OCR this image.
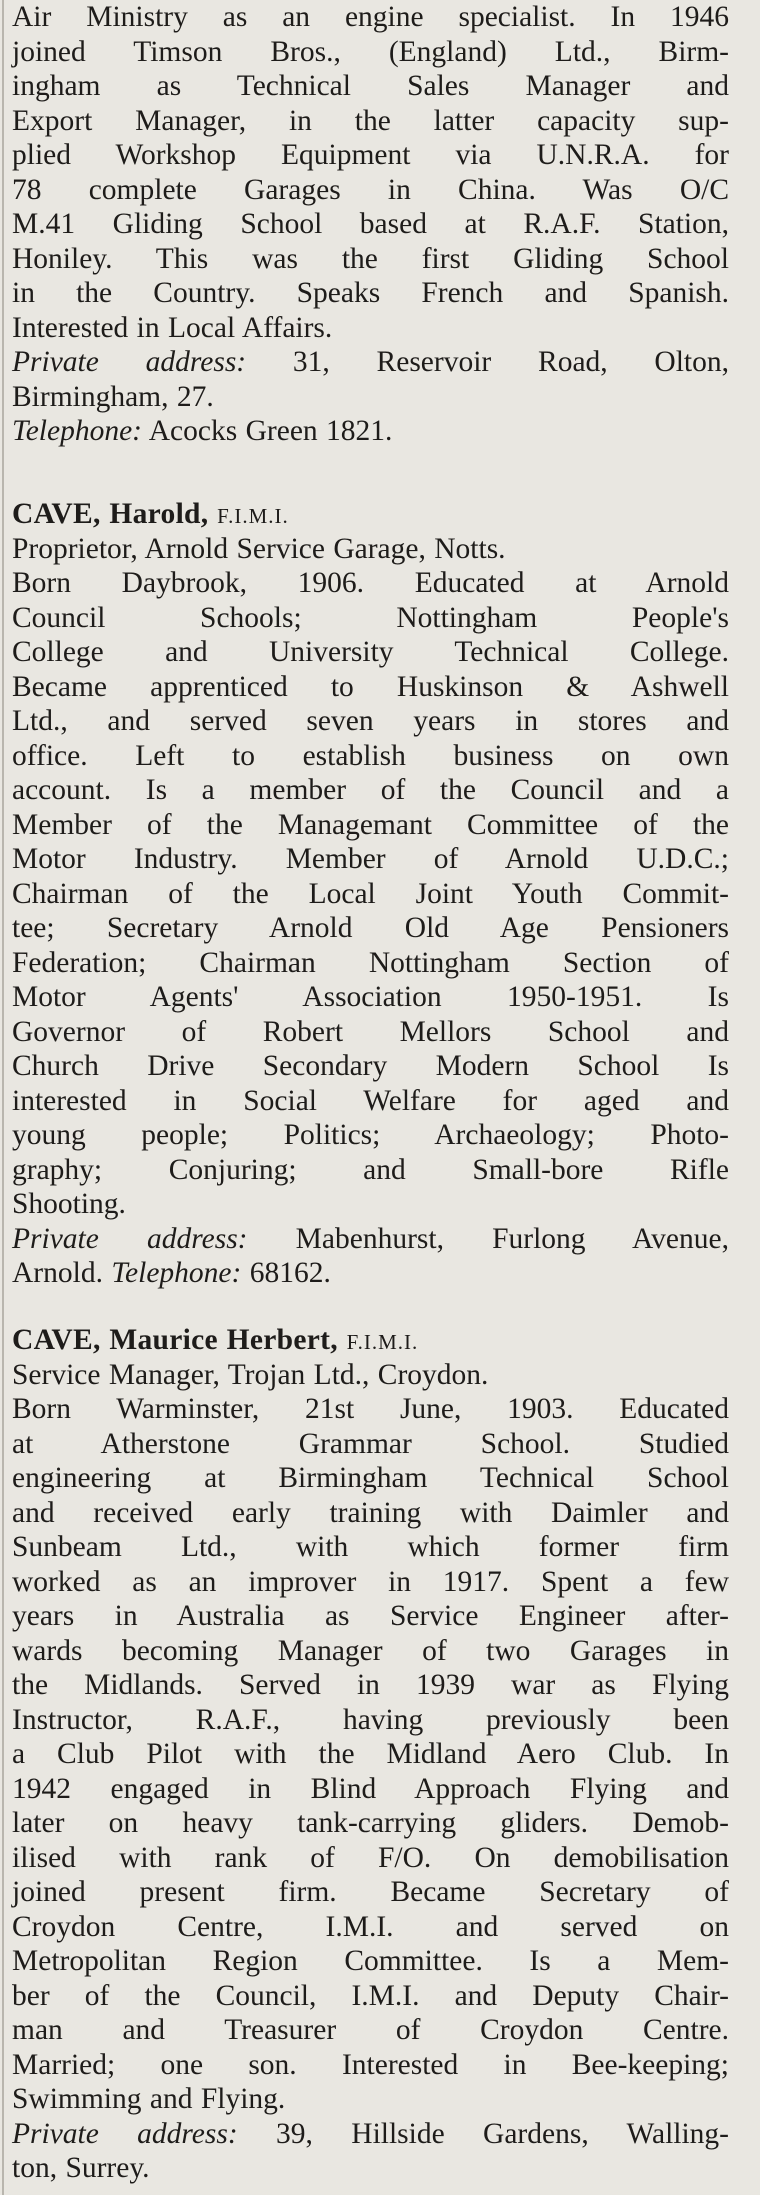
Air Ministry as an engine specialist. In 1946
joined Timson Bros., (England) Ltd., Birm-
ingham as Technical Sales Manager and
Export Manager, in the latter capacity sup-
plied Workshop Equipment via U.N.R.A. for
78 complete Garages in China. Was O/C
M.41 Gliding School based at R.A.F. Station,
Honiley. This was the first Gliding School
in the Country. Speaks French and Spanish.
Interested in Local Affairs.
Private address: 31, Reservoir Road, Olton,
Birmingham, 27.
Telephone: Acocks Green 1821.
CAVE, Harold, F.I.M.I.
Proprietor, Arnold Service Garage, Notts.
Born Daybrook, 1906. Educated at Arnold
Council Schools; Nottingham People's
College and University Technical College.
Became apprenticed to Huskinson & Ashwell
Ltd., and served seven years in stores and
office. Left to establish business on own
account. Is a member of the Council and a
Member of the Managemant Committee of the
Motor Industry. Member of Arnold U.D.C.;
Chairman of the Local Joint Youth Commit-
tee; Secretary Arnold Old Age Pensioners
Federation; Chairman Nottingham Section of
Motor Agents' Association 1950-1951. Is
Governor of Robert Mellors School and
Church Drive Secondary Modern School Is
interested in Social Welfare for aged and
young people; Politics; Archaeology; Photo-
graphy; Conjuring; and Small-bore Rifle
Shooting.
Private address: Mabenhurst, Furlong Avenue,
Arnold. Telephone: 68162.
CAVE, Maurice Herbert, F.I.M.I.
Service Manager, Trojan Ltd., Croydon.
Born Warminster, 21st June, 1903. Educated
at Atherstone Grammar School. Studied
engineering at Birmingham Technical School
and received early training with Daimler and
Sunbeam Ltd., with which former firm
worked as an improver in 1917. Spent a few
years in Australia as Service Engineer after-
wards becoming Manager of two Garages in
the Midlands. Served in 1939 war as Flying
Instructor, R.A.F., having previously been
a Club Pilot with the Midland Aero Club. In
1942 engaged in Blind Approach Flying and
later on heavy tank-carrying gliders. Demob-
ilised with rank of F/O. On demobilisation
joined present firm. Became Secretary of
Croydon Centre, I.M.I. and served on
Metropolitan Region Committee. Is a Mem-
ber of the Council, I.M.I. and Deputy Chair-
man and Treasurer of Croydon Centre.
Married; one son. Interested in Bee-keeping;
Swimming and Flying.
Private address: 39, Hillside Gardens, Walling-
ton, Surrey.
